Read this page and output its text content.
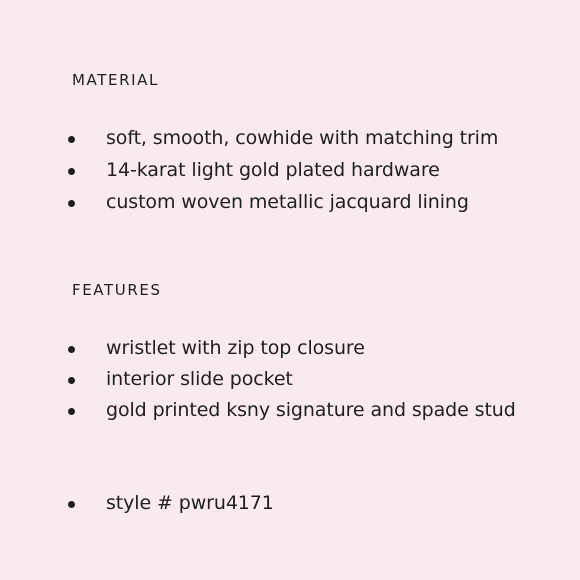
MATERIAL
soft, smooth, cowhide with matching trim
14-karat light gold plated hardware
custom woven metallic jacquard lining
FEATURES
wristlet with zip top closure
interior slide pocket
gold printed ksny signature and spade stud
style # pwru4171
